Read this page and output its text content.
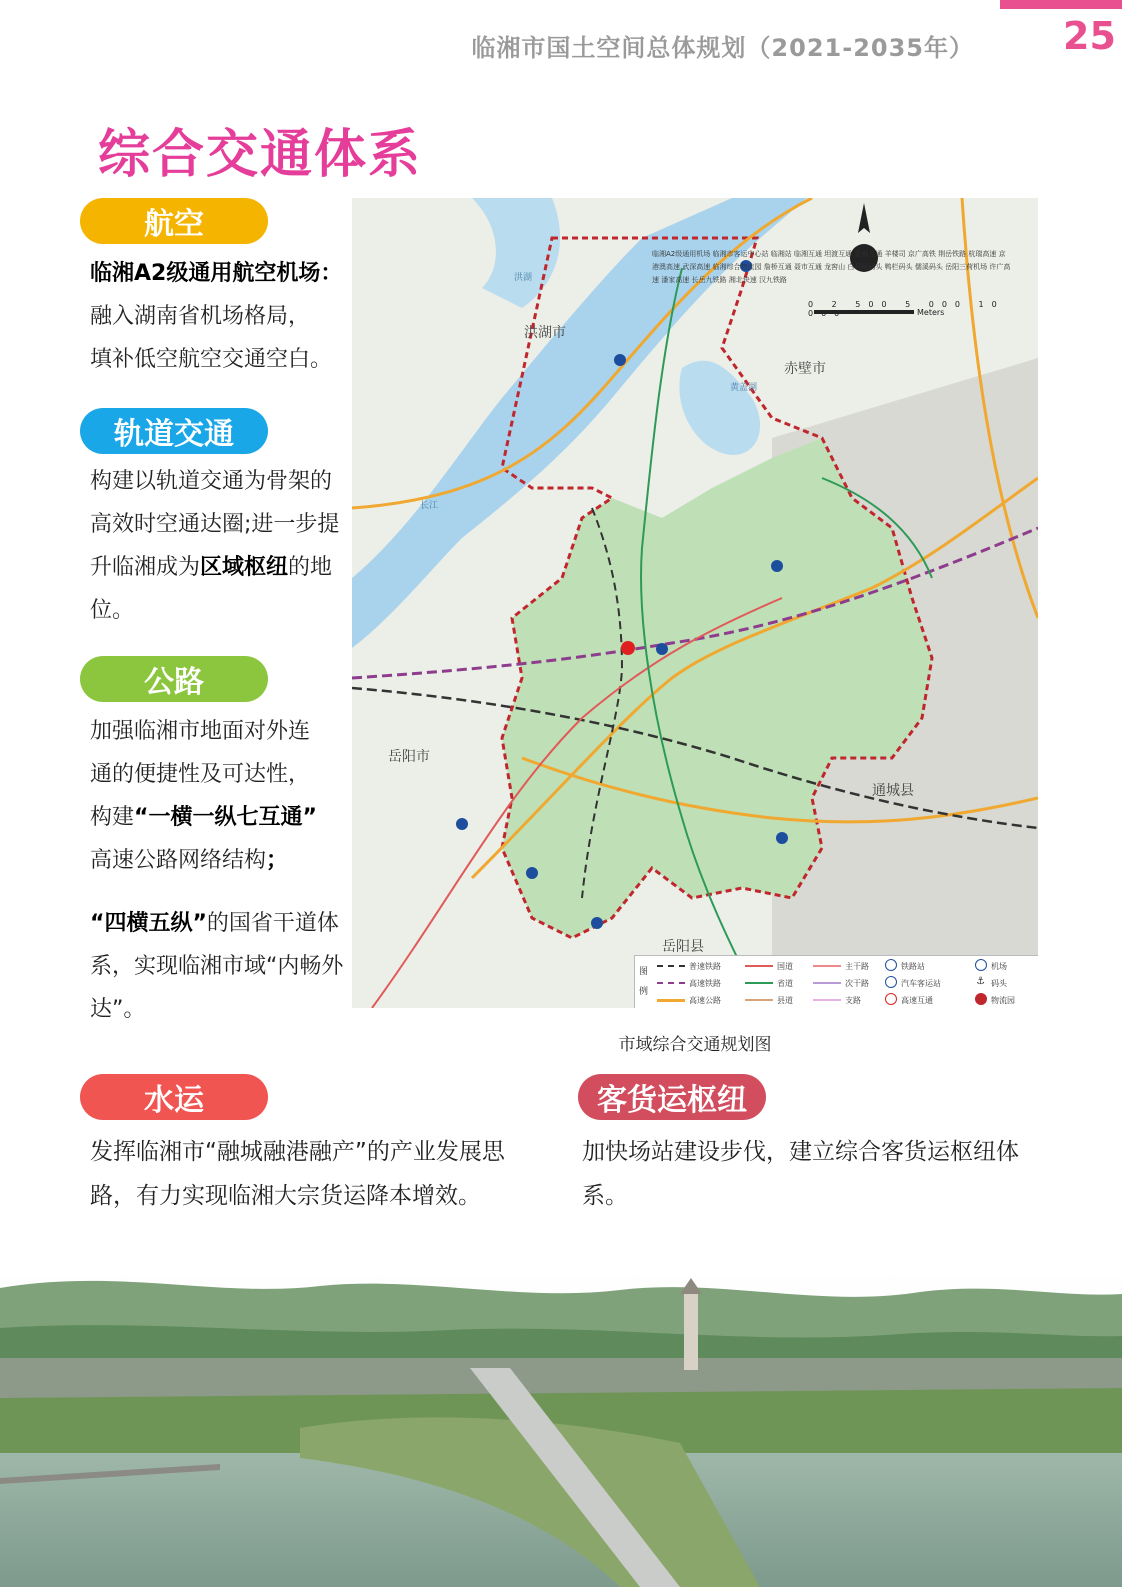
临湘市国土空间总体规划（2021-2035年） 25
综合交通体系
航空
临湘A2级通用航空机场：
融入湖南省机场格局，
填补低空航空交通空白。
轨道交通
构建以轨道交通为骨架的高效时空通达圈;进一步提升临湘成为区域枢纽的地位。
公路
加强临湘市地面对外连
通的便捷性及可达性，
构建“一横一纵七互通”
高速公路网络结构；

“四横五纵”的国省干道体系，实现临湘市域“内畅外达”。
洪湖市
赤壁市
岳阳市
通城县
岳阳县
洪湖
黄盖湖
长江
0 2 500 5 000 10 000	Meters
临湘A2级通用机场 临湘市客运中心站 临湘站 临湘互通 坦渡互通 金鸡互通 羊楼司 京广高铁 荆岳铁路 杭瑞高速 京港澳高速 武深高速 临湘综合物流园 詹桥互通 聂市互通 龙窖山 白马矶码头 鸭栏码头 儒溪码头 岳阳三荷机场 许广高速 潘家高速 长岳九铁路 湘北快速 汉九铁路
图例
普速铁路	国道	主干路	铁路站	机场
高速铁路	省道	次干路	汽车客运站	⚓ 码头
高速公路	县道	支路	高速互通	物流园
市域综合交通规划图
水运
发挥临湘市“融城融港融产”的产业发展思路，有力实现临湘大宗货运降本增效。
客货运枢纽
加快场站建设步伐，建立综合客货运枢纽体系。
